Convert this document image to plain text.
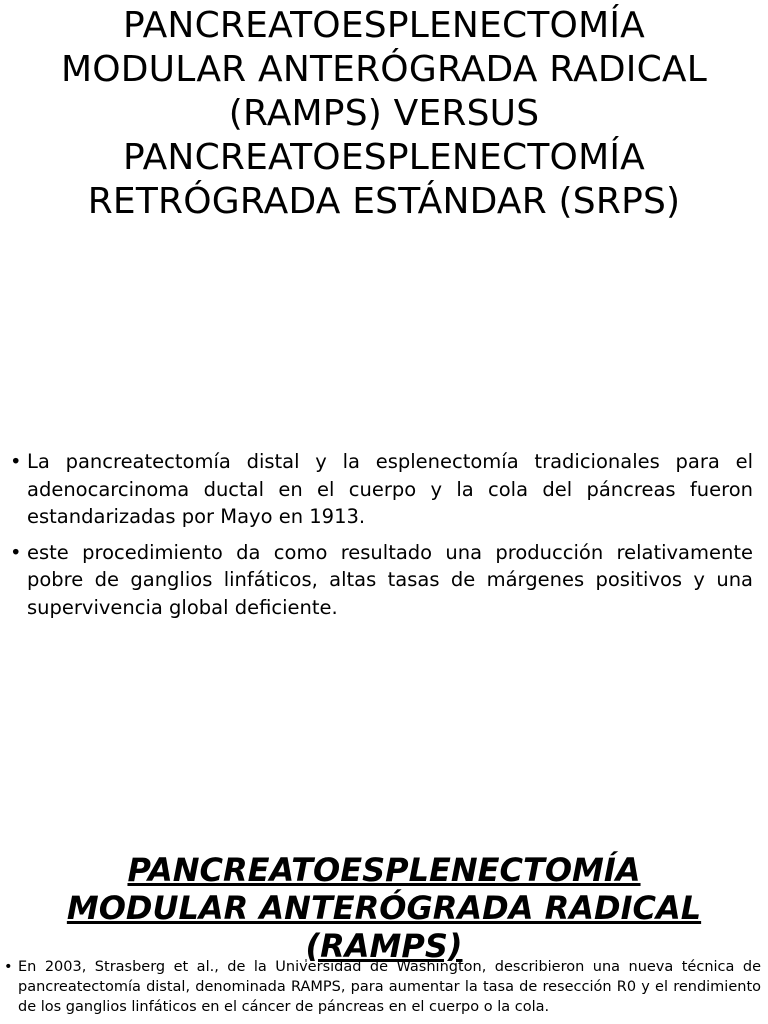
PANCREATOESPLENECTOMÍA
MODULAR ANTERÓGRADA RADICAL
(RAMPS) VERSUS
PANCREATOESPLENECTOMÍA
RETRÓGRADA ESTÁNDAR (SRPS)
• La pancreatectomía distal y la esplenectomía tradicionales para el adenocarcinoma ductal en el cuerpo y la cola del páncreas fueron estandarizadas por Mayo en 1913.
• este procedimiento da como resultado una producción relativamente pobre de ganglios linfáticos, altas tasas de márgenes positivos y una supervivencia global deficiente.
PANCREATOESPLENECTOMÍA
MODULAR ANTERÓGRADA RADICAL
(RAMPS)
• En 2003, Strasberg et al., de la Universidad de Washington, describieron una nueva técnica de pancreatectomía distal, denominada RAMPS, para aumentar la tasa de resección R0 y el rendimiento de los ganglios linfáticos en el cáncer de páncreas en el cuerpo o la cola.
